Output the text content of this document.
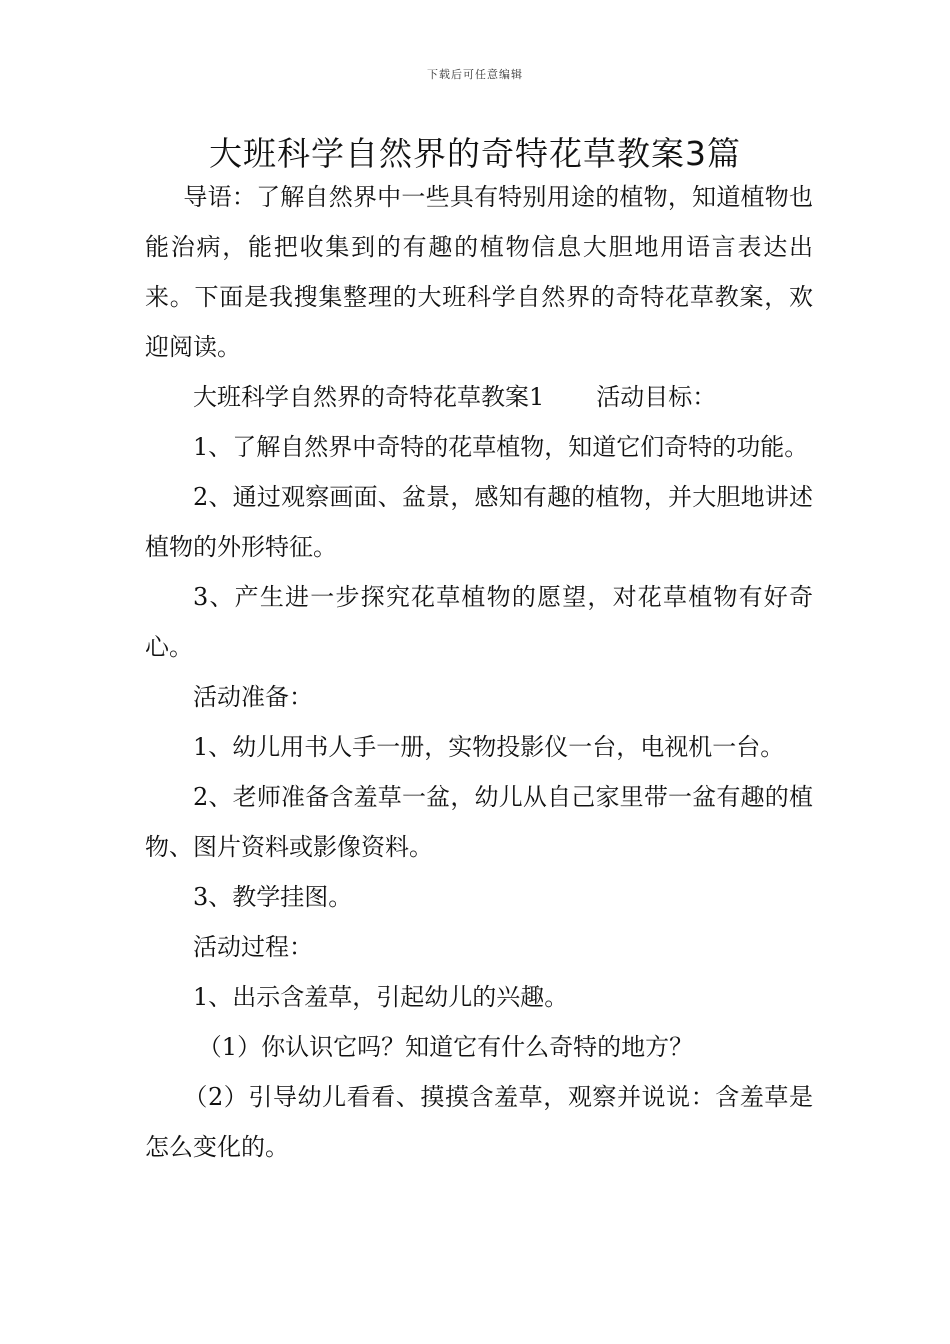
下载后可任意编辑
大班科学自然界的奇特花草教案3篇

导语：了解自然界中一些具有特别用途的植物，知道植物也能治病，能把收集到的有趣的植物信息大胆地用语言表达出来。下面是我搜集整理的大班科学自然界的奇特花草教案，欢迎阅读。

大班科学自然界的奇特花草教案1 活动目标：

1、了解自然界中奇特的花草植物，知道它们奇特的功能。

2、通过观察画面、盆景，感知有趣的植物，并大胆地讲述植物的外形特征。

3、产生进一步探究花草植物的愿望，对花草植物有好奇心。

活动准备：

1、幼儿用书人手一册，实物投影仪一台，电视机一台。

2、老师准备含羞草一盆，幼儿从自己家里带一盆有趣的植物、图片资料或影像资料。

3、教学挂图。

活动过程：

1、出示含羞草，引起幼儿的兴趣。

（1）你认识它吗？知道它有什么奇特的地方？

（2）引导幼儿看看、摸摸含羞草，观察并说说：含羞草是怎么变化的。
